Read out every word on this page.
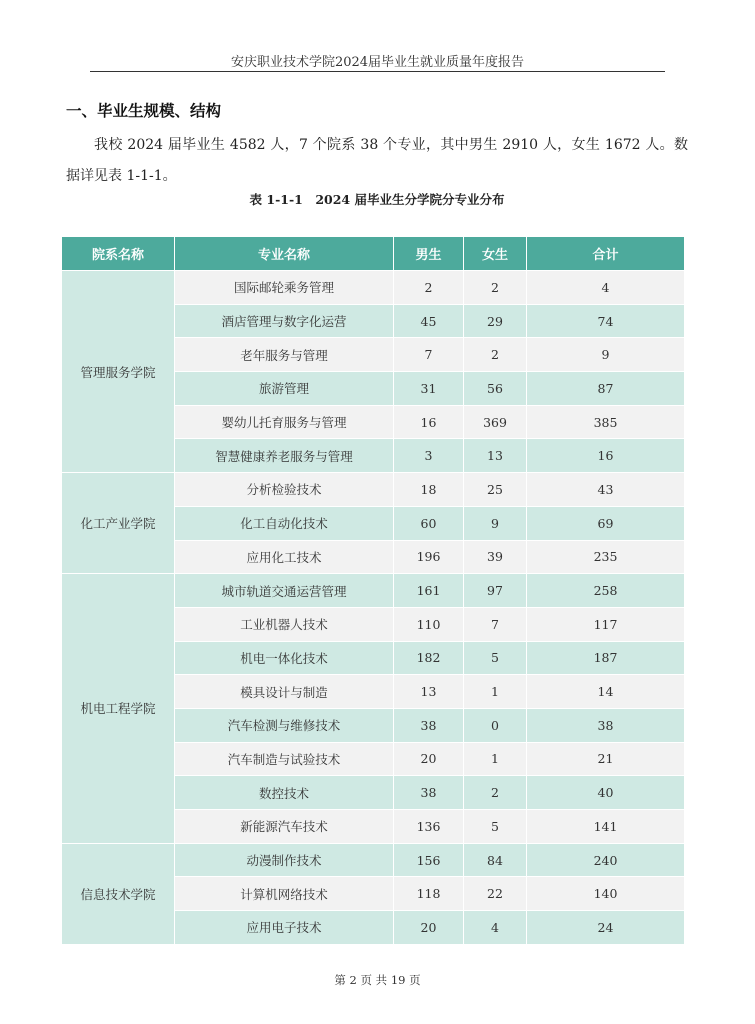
安庆职业技术学院2024届毕业生就业质量年度报告
一、毕业生规模、结构
我校 2024 届毕业生 4582 人，7 个院系 38 个专业，其中男生 2910 人，女生 1672 人。数据详见表 1-1-1。
表 1-1-1　2024 届毕业生分学院分专业分布
院系名称	专业名称	男生	女生	合计
管理服务学院	国际邮轮乘务管理	2	2	4
	酒店管理与数字化运营	45	29	74
	老年服务与管理	7	2	9
	旅游管理	31	56	87
	婴幼儿托育服务与管理	16	369	385
	智慧健康养老服务与管理	3	13	16
化工产业学院	分析检验技术	18	25	43
	化工自动化技术	60	9	69
	应用化工技术	196	39	235
机电工程学院	城市轨道交通运营管理	161	97	258
	工业机器人技术	110	7	117
	机电一体化技术	182	5	187
	模具设计与制造	13	1	14
	汽车检测与维修技术	38	0	38
	汽车制造与试验技术	20	1	21
	数控技术	38	2	40
	新能源汽车技术	136	5	141
信息技术学院	动漫制作技术	156	84	240
	计算机网络技术	118	22	140
	应用电子技术	20	4	24
第 2 页 共 19 页
